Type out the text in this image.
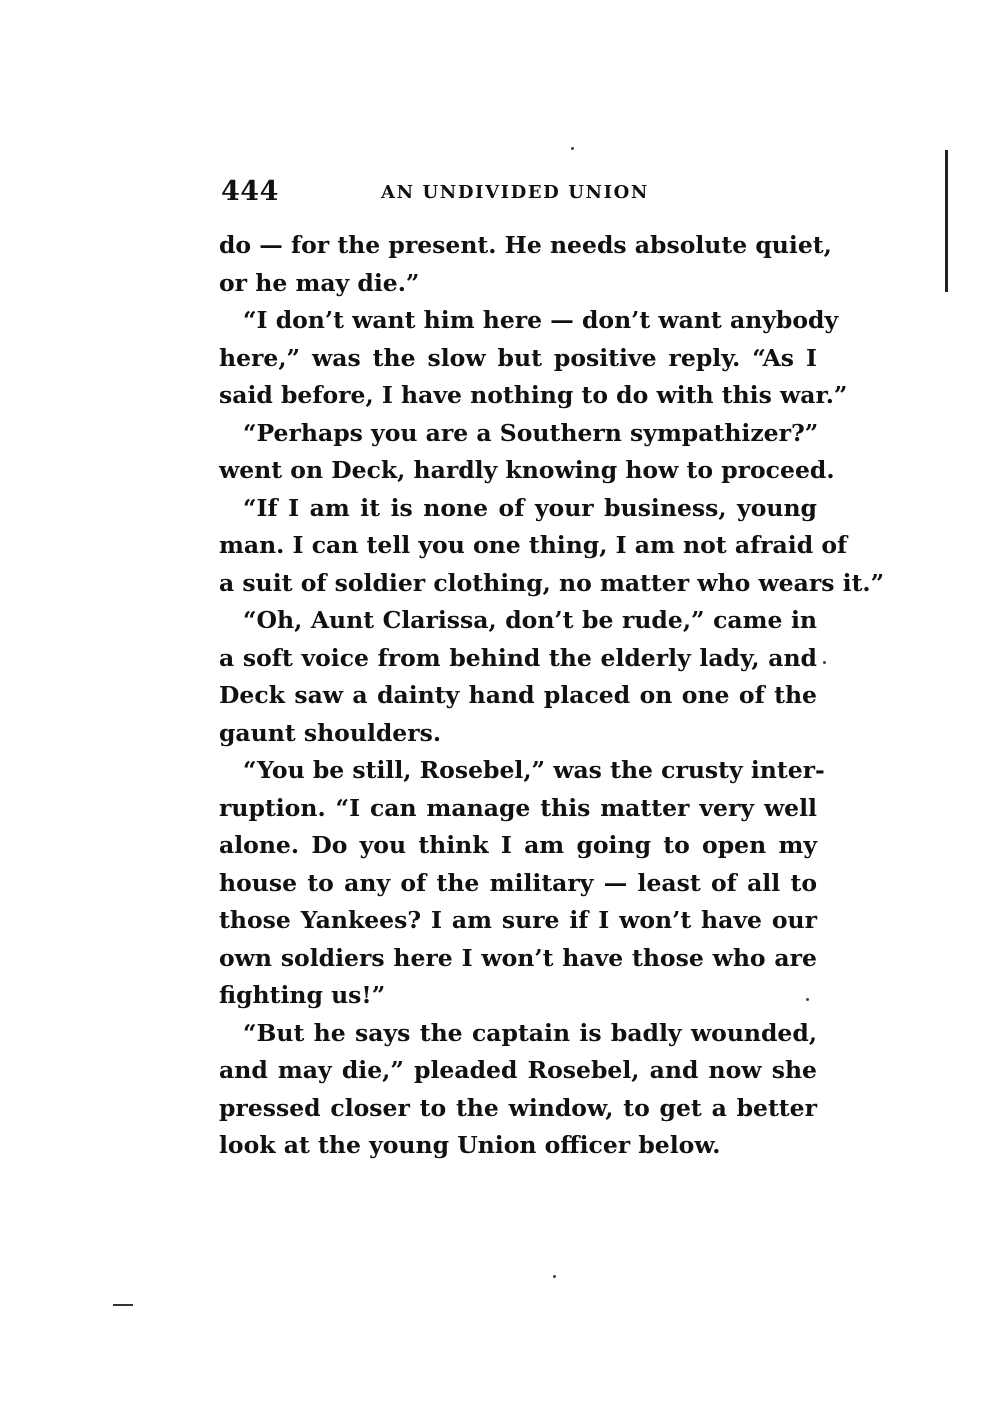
444	AN UNDIVIDED UNION
do — for the present. He needs absolute quiet,
or he may die.”
“I don’t want him here — don’t want anybody
here,” was the slow but positive reply. “As I
said before, I have nothing to do with this war.”
“Perhaps you are a Southern sympathizer?”
went on Deck, hardly knowing how to proceed.
“If I am it is none of your business, young
man. I can tell you one thing, I am not afraid of
a suit of soldier clothing, no matter who wears it.”
“Oh, Aunt Clarissa, don’t be rude,” came in
a soft voice from behind the elderly lady, and
Deck saw a dainty hand placed on one of the
gaunt shoulders.
“You be still, Rosebel,” was the crusty inter-
ruption. “I can manage this matter very well
alone. Do you think I am going to open my
house to any of the military — least of all to
those Yankees? I am sure if I won’t have our
own soldiers here I won’t have those who are
fighting us!”
“But he says the captain is badly wounded,
and may die,” pleaded Rosebel, and now she
pressed closer to the window, to get a better
look at the young Union officer below.
